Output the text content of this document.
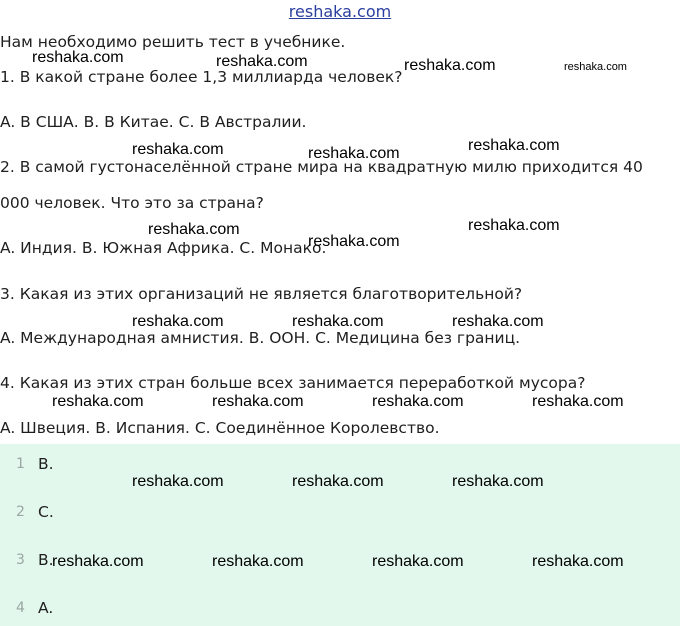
reshaka.com
Нам необходимо решить тест в учебнике.
1. В какой стране более 1,3 миллиарда человек?
A. В США. B. В Китае. C. В Австралии.
2. В самой густонаселённой стране мира на квадратную милю приходится 40
000 человек. Что это за страна?
A. Индия. B. Южная Африка. C. Монако.
3. Какая из этих организаций не является благотворительной?
A. Международная амнистия. B. ООН. C. Медицина без границ.
4. Какая из этих стран больше всех занимается переработкой мусора?
A. Швеция. B. Испания. C. Соединённое Королевство.
1 B.
2 C.
3 B.
4 A.
reshaka.com	reshaka.com	reshaka.com	reshaka.com
reshaka.com
reshaka.com	reshaka.com
reshaka.com	reshaka.com
reshaka.com
reshaka.com	reshaka.com	reshaka.com
reshaka.com	reshaka.com	reshaka.com	reshaka.com
reshaka.com	reshaka.com	reshaka.com
reshaka.com	reshaka.com	reshaka.com	reshaka.com
